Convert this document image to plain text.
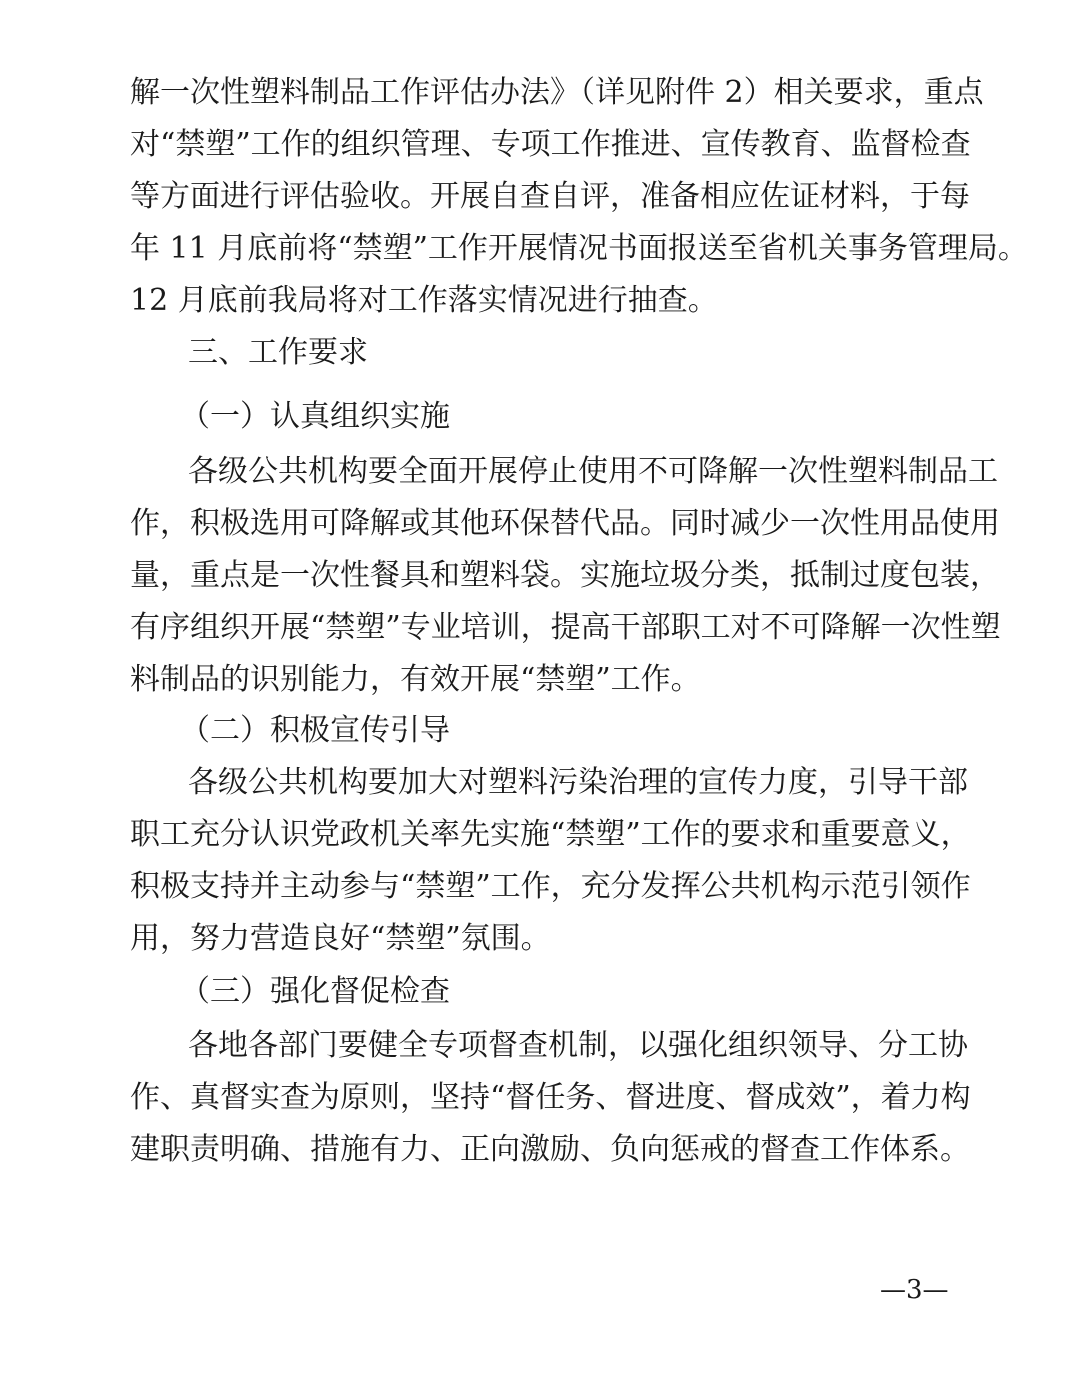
解一次性塑料制品工作评估办法》（详见附件 2）相关要求，重点
对“禁塑”工作的组织管理、专项工作推进、宣传教育、监督检查
等方面进行评估验收。开展自查自评，准备相应佐证材料，于每
年 11 月底前将“禁塑”工作开展情况书面报送至省机关事务管理局。
12 月底前我局将对工作落实情况进行抽查。
三、工作要求
（一）认真组织实施
各级公共机构要全面开展停止使用不可降解一次性塑料制品工
作，积极选用可降解或其他环保替代品。同时减少一次性用品使用
量，重点是一次性餐具和塑料袋。实施垃圾分类，抵制过度包装，
有序组织开展“禁塑”专业培训，提高干部职工对不可降解一次性塑
料制品的识别能力，有效开展“禁塑”工作。
（二）积极宣传引导
各级公共机构要加大对塑料污染治理的宣传力度，引导干部
职工充分认识党政机关率先实施“禁塑”工作的要求和重要意义，
积极支持并主动参与“禁塑”工作，充分发挥公共机构示范引领作
用，努力营造良好“禁塑”氛围。
（三）强化督促检查
各地各部门要健全专项督查机制，以强化组织领导、分工协
作、真督实查为原则，坚持“督任务、督进度、督成效”，着力构
建职责明确、措施有力、正向激励、负向惩戒的督查工作体系。
—3—
